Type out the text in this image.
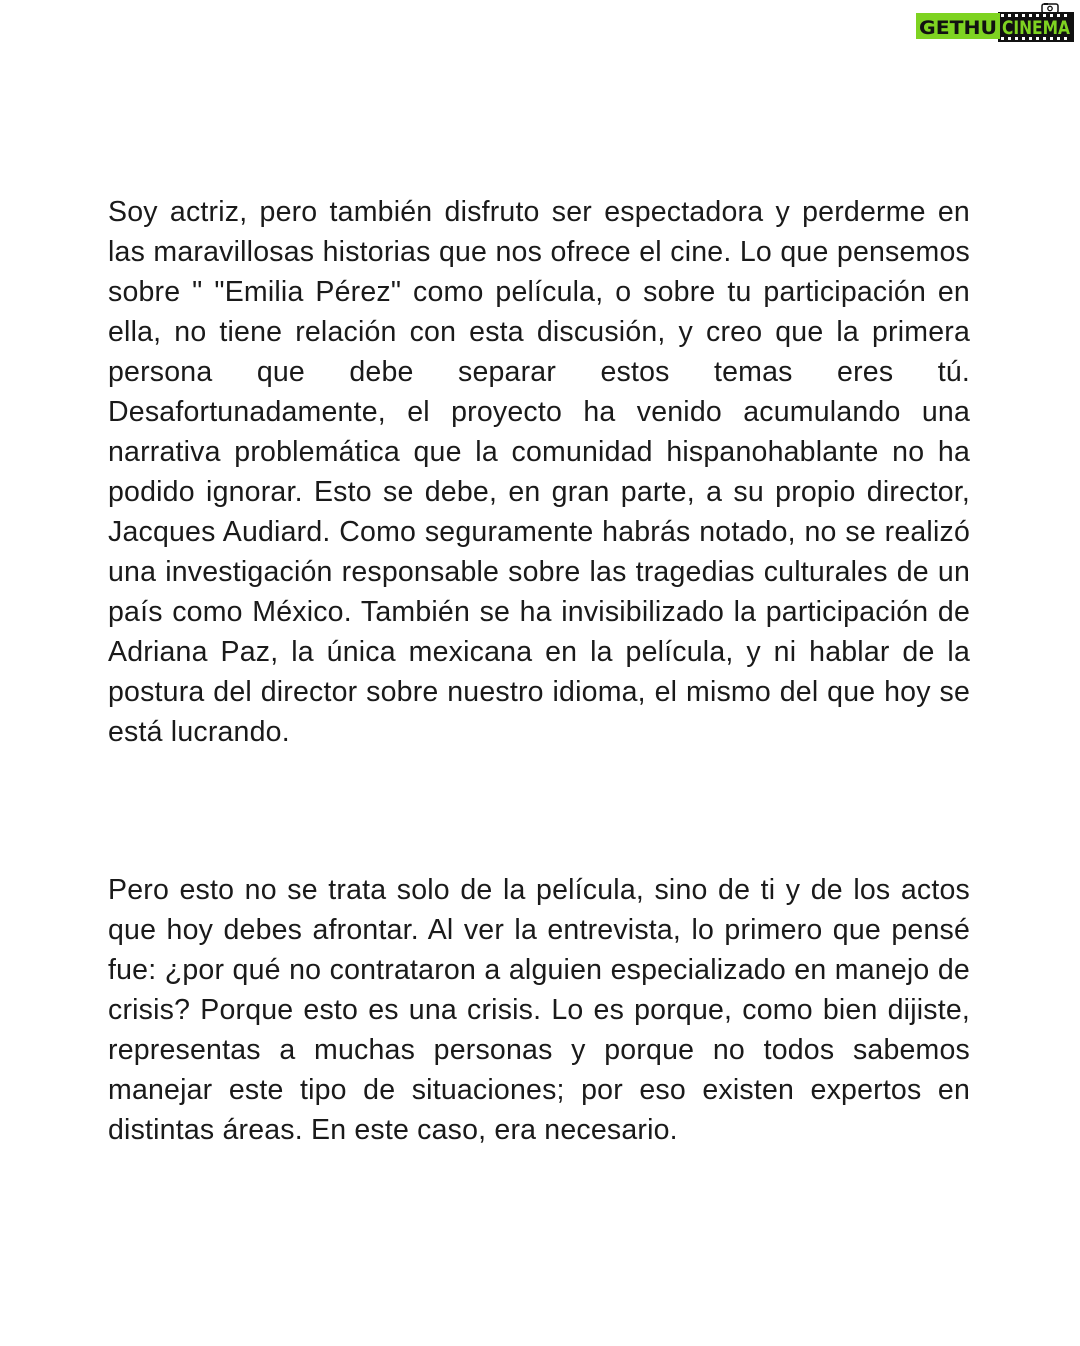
GETHU CINEMA

Soy actriz, pero también disfruto ser espectadora y perderme en las maravillosas historias que nos ofrece el cine. Lo que pensemos sobre " "Emilia Pérez" como película, o sobre tu participación en ella, no tiene relación con esta discusión, y creo que la primera persona que debe separar estos temas eres tú. Desafortunadamente, el proyecto ha venido acumulando una narrativa problemática que la comunidad hispanohablante no ha podido ignorar. Esto se debe, en gran parte, a su propio director, Jacques Audiard. Como seguramente habrás notado, no se realizó una investigación responsable sobre las tragedias culturales de un país como México. También se ha invisibilizado la participación de Adriana Paz, la única mexicana en la película, y ni hablar de la postura del director sobre nuestro idioma, el mismo del que hoy se está lucrando.

Pero esto no se trata solo de la película, sino de ti y de los actos que hoy debes afrontar. Al ver la entrevista, lo primero que pensé fue: ¿por qué no contrataron a alguien especializado en manejo de crisis? Porque esto es una crisis. Lo es porque, como bien dijiste, representas a muchas personas y porque no todos sabemos manejar este tipo de situaciones; por eso existen expertos en distintas áreas. En este caso, era necesario.
